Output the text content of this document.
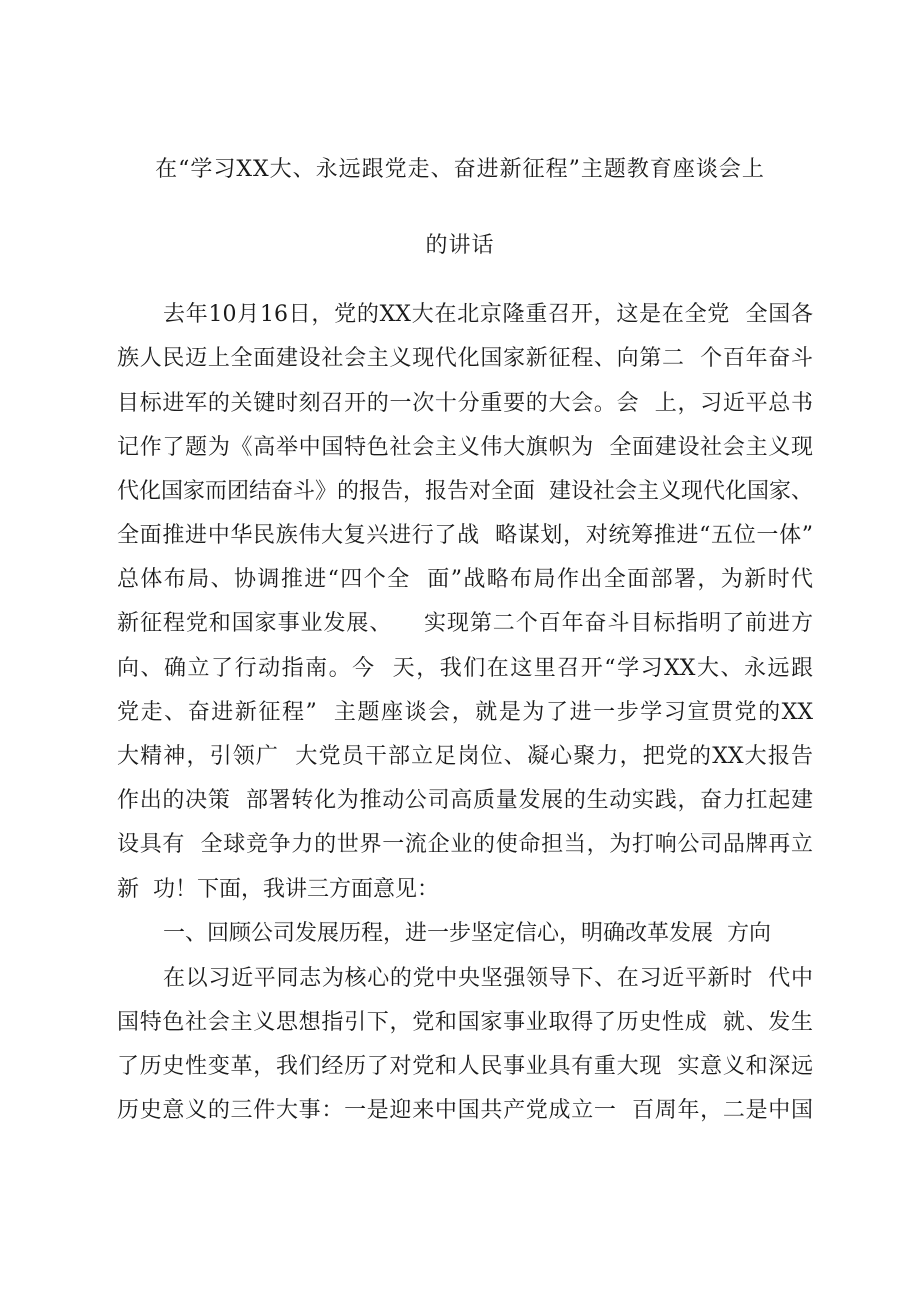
在“学习XX大、永远跟党走、奋进新征程”主题教育座谈会上
的讲话
去年10月16日，党的XX大在北京隆重召开，这是在全党  全国各
族人民迈上全面建设社会主义现代化国家新征程、向第二  个百年奋斗
目标进军的关键时刻召开的一次十分重要的大会。会  上，习近平总书
记作了题为《高举中国特色社会主义伟大旗帜为  全面建设社会主义现
代化国家而团结奋斗》的报告，报告对全面  建设社会主义现代化国家、
全面推进中华民族伟大复兴进行了战  略谋划，对统筹推进“五位一体”
总体布局、协调推进“四个全  面”战略布局作出全面部署，为新时代
新征程党和国家事业发展、    实现第二个百年奋斗目标指明了前进方
向、确立了行动指南。今  天，我们在这里召开“学习XX大、永远跟
党走、奋进新征程”  主题座谈会，就是为了进一步学习宣贯党的XX
大精神，引领广  大党员干部立足岗位、凝心聚力，把党的XX大报告
作出的决策  部署转化为推动公司高质量发展的生动实践，奋力扛起建
设具有  全球竞争力的世界一流企业的使命担当，为打响公司品牌再立
新  功！下面，我讲三方面意见：
一、回顾公司发展历程，进一步坚定信心，明确改革发展  方向
在以习近平同志为核心的党中央坚强领导下、在习近平新时  代中
国特色社会主义思想指引下，党和国家事业取得了历史性成  就、发生
了历史性变革，我们经历了对党和人民事业具有重大现  实意义和深远
历史意义的三件大事：一是迎来中国共产党成立一  百周年，二是中国
